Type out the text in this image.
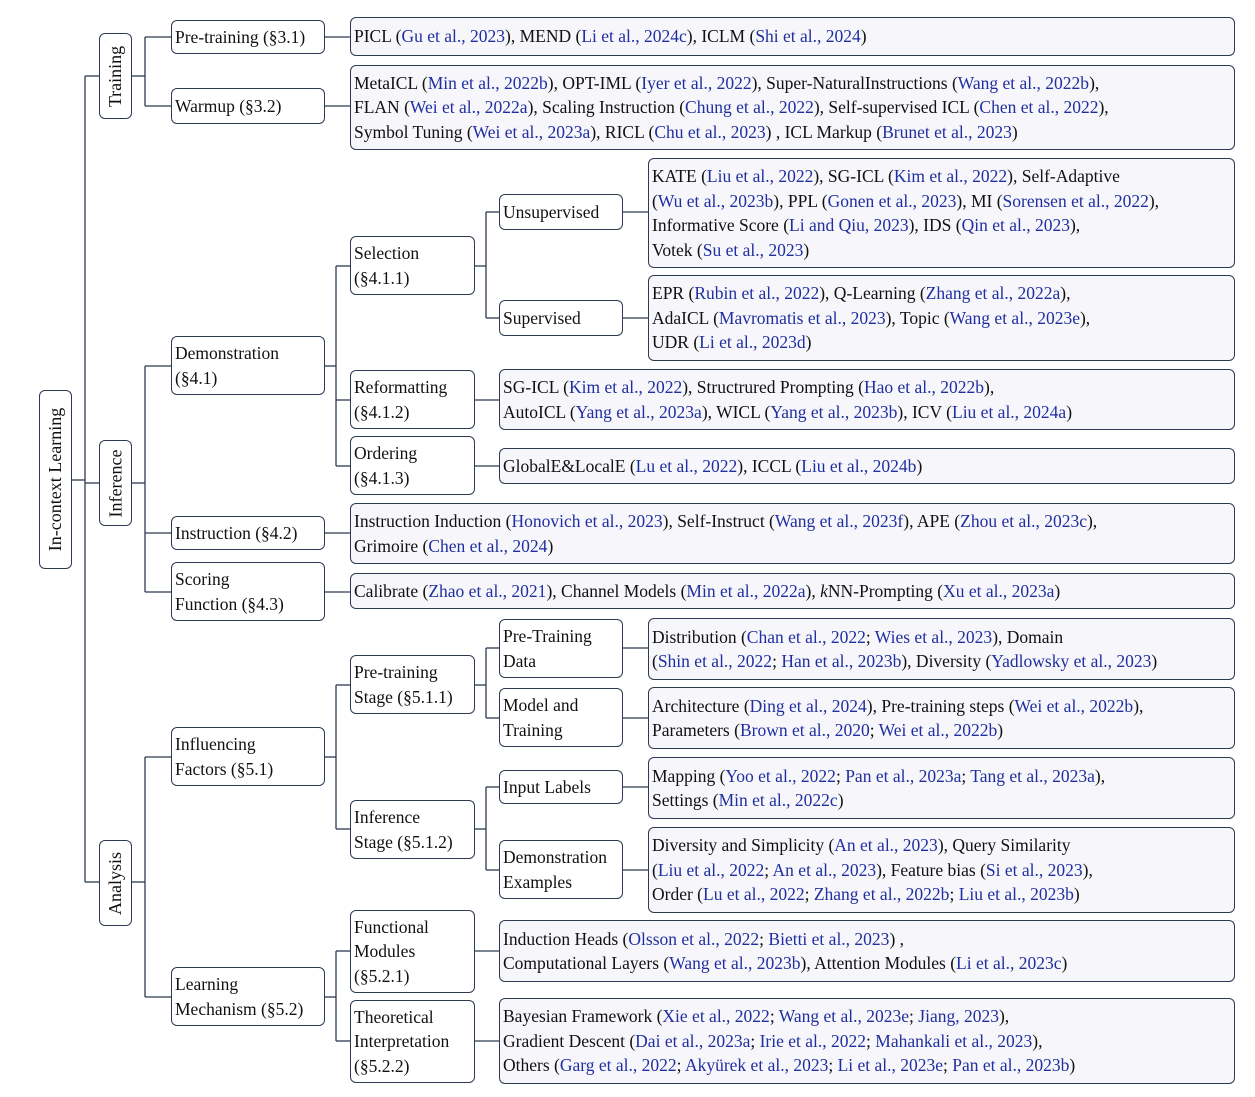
In-context Learning
Training
Inference
Analysis
Pre-training (§3.1)
Warmup (§3.2)
Demonstration
(§4.1)
Selection
(§4.1.1)
Unsupervised
Supervised
Reformatting
(§4.1.2)
Ordering
(§4.1.3)
Instruction (§4.2)
Scoring
Function (§4.3)
Influencing
Factors (§5.1)
Pre-training
Stage (§5.1.1)
Pre-Training
Data
Model and
Training
Inference
Stage (§5.1.2)
Input Labels
Demonstration
Examples
Learning
Mechanism (§5.2)
Functional
Modules
(§5.2.1)
Theoretical
Interpretation
(§5.2.2)
PICL (Gu et al., 2023), MEND (Li et al., 2024c), ICLM (Shi et al., 2024)
MetaICL (Min et al., 2022b), OPT-IML (Iyer et al., 2022), Super-NaturalInstructions (Wang et al., 2022b),
FLAN (Wei et al., 2022a), Scaling Instruction (Chung et al., 2022), Self-supervised ICL (Chen et al., 2022),
Symbol Tuning (Wei et al., 2023a), RICL (Chu et al., 2023) , ICL Markup (Brunet et al., 2023)
KATE (Liu et al., 2022), SG-ICL (Kim et al., 2022), Self-Adaptive
(Wu et al., 2023b), PPL (Gonen et al., 2023), MI (Sorensen et al., 2022),
Informative Score (Li and Qiu, 2023), IDS (Qin et al., 2023),
Votek (Su et al., 2023)
EPR (Rubin et al., 2022), Q-Learning (Zhang et al., 2022a),
AdaICL (Mavromatis et al., 2023), Topic (Wang et al., 2023e),
UDR (Li et al., 2023d)
SG-ICL (Kim et al., 2022), Structrured Prompting (Hao et al., 2022b),
AutoICL (Yang et al., 2023a), WICL (Yang et al., 2023b), ICV (Liu et al., 2024a)
GlobalE&LocalE (Lu et al., 2022), ICCL (Liu et al., 2024b)
Instruction Induction (Honovich et al., 2023), Self-Instruct (Wang et al., 2023f), APE (Zhou et al., 2023c),
Grimoire (Chen et al., 2024)
Calibrate (Zhao et al., 2021), Channel Models (Min et al., 2022a), kNN-Prompting (Xu et al., 2023a)
Distribution (Chan et al., 2022; Wies et al., 2023), Domain
(Shin et al., 2022; Han et al., 2023b), Diversity (Yadlowsky et al., 2023)
Architecture (Ding et al., 2024), Pre-training steps (Wei et al., 2022b),
Parameters (Brown et al., 2020; Wei et al., 2022b)
Mapping (Yoo et al., 2022; Pan et al., 2023a; Tang et al., 2023a),
Settings (Min et al., 2022c)
Diversity and Simplicity (An et al., 2023), Query Similarity
(Liu et al., 2022; An et al., 2023), Feature bias (Si et al., 2023),
Order (Lu et al., 2022; Zhang et al., 2022b; Liu et al., 2023b)
Induction Heads (Olsson et al., 2022; Bietti et al., 2023) ,
Computational Layers (Wang et al., 2023b), Attention Modules (Li et al., 2023c)
Bayesian Framework (Xie et al., 2022; Wang et al., 2023e; Jiang, 2023),
Gradient Descent (Dai et al., 2023a; Irie et al., 2022; Mahankali et al., 2023),
Others (Garg et al., 2022; Akyürek et al., 2023; Li et al., 2023e; Pan et al., 2023b)
